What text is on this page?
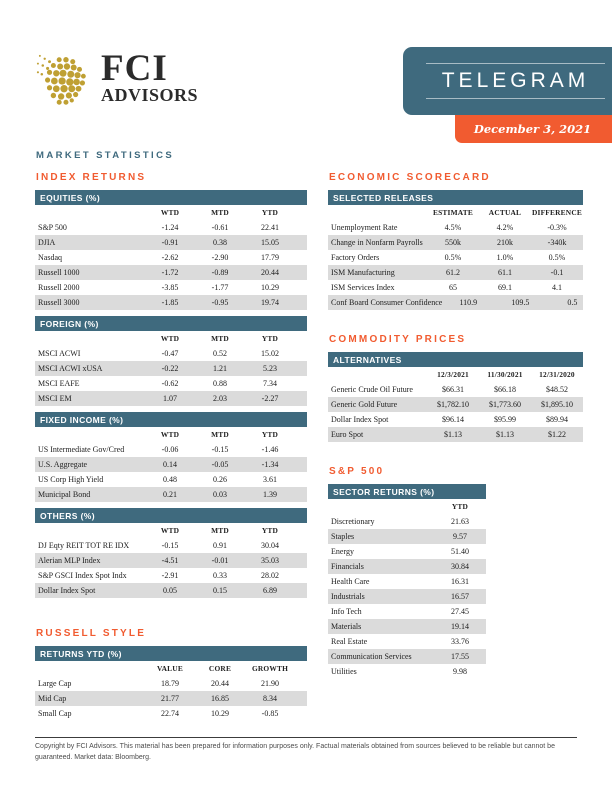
FCI
ADVISORS
TELEGRAM
December 3, 2021
MARKET STATISTICS
INDEX RETURNS
EQUITIES (%)
WTD	MTD	YTD
S&P 500	-1.24	-0.61	22.41
DJIA	-0.91	0.38	15.05
Nasdaq	-2.62	-2.90	17.79
Russell 1000	-1.72	-0.89	20.44
Russell 2000	-3.85	-1.77	10.29
Russell 3000	-1.85	-0.95	19.74
FOREIGN (%)
WTD	MTD	YTD
MSCI ACWI	-0.47	0.52	15.02
MSCI ACWI xUSA	-0.22	1.21	5.23
MSCI EAFE	-0.62	0.88	7.34
MSCI EM	1.07	2.03	-2.27
FIXED INCOME (%)
WTD	MTD	YTD
US Intermediate Gov/Cred	-0.06	-0.15	-1.46
U.S. Aggregate	0.14	-0.05	-1.34
US Corp High Yield	0.48	0.26	3.61
Municipal Bond	0.21	0.03	1.39
OTHERS (%)
WTD	MTD	YTD
DJ Eqty REIT TOT RE IDX	-0.15	0.91	30.04
Alerian MLP Index	-4.51	-0.01	35.03
S&P GSCI Index Spot Indx	-2.91	0.33	28.02
Dollar Index Spot	0.05	0.15	6.89
RUSSELL STYLE
RETURNS YTD (%)
VALUE	CORE	GROWTH
Large Cap	18.79	20.44	21.90
Mid Cap	21.77	16.85	8.34
Small Cap	22.74	10.29	-0.85
ECONOMIC SCORECARD
SELECTED RELEASES
ESTIMATE	ACTUAL	DIFFERENCE
Unemployment Rate	4.5%	4.2%	-0.3%
Change in Nonfarm Payrolls	550k	210k	-340k
Factory Orders	0.5%	1.0%	0.5%
ISM Manufacturing	61.2	61.1	-0.1
ISM Services Index	65	69.1	4.1
Conf Board Consumer Confidence	110.9	109.5	0.5
COMMODITY PRICES
ALTERNATIVES
12/3/2021	11/30/2021	12/31/2020
Generic Crude Oil Future	$66.31	$66.18	$48.52
Generic Gold Future	$1,782.10	$1,773.60	$1,895.10
Dollar Index Spot	$96.14	$95.99	$89.94
Euro Spot	$1.13	$1.13	$1.22
S&P 500
SECTOR RETURNS (%)
YTD
Discretionary	21.63
Staples	9.57
Energy	51.40
Financials	30.84
Health Care	16.31
Industrials	16.57
Info Tech	27.45
Materials	19.14
Real Estate	33.76
Communication Services	17.55
Utilities	9.98
Copyright by FCI Advisors. This material has been prepared for information purposes only. Factual materials obtained from sources believed to be reliable but cannot be guaranteed. Market data: Bloomberg.
